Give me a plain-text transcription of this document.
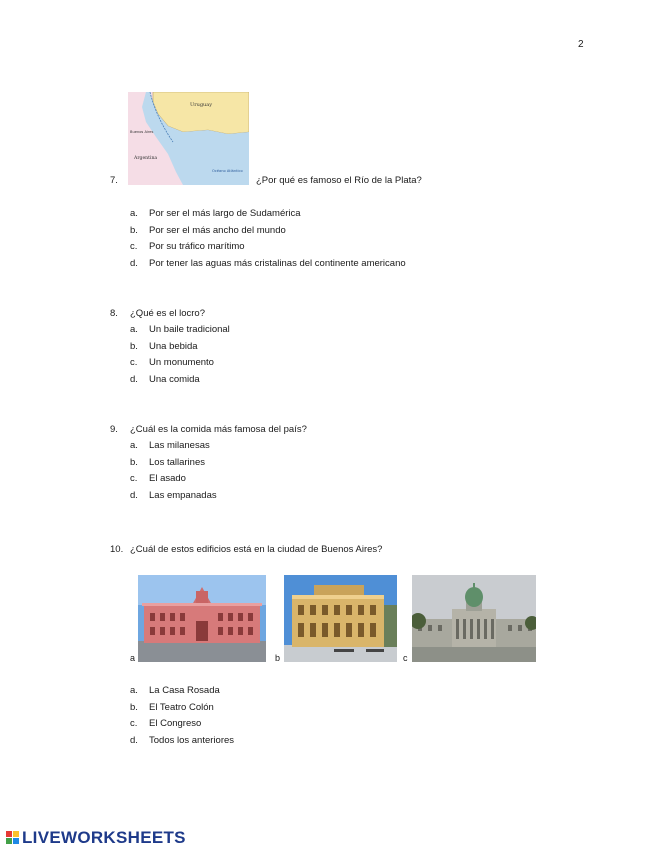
2
Uruguay
Buenos Aires
Argentina
Océano Atlántico
7.	¿Por qué es famoso el Río de la Plata?
a.	Por ser el más largo de Sudamérica
b.	Por ser el más ancho del mundo
c.	Por su tráfico marítimo
d.	Por tener las aguas más cristalinas del continente americano
8.	¿Qué es el locro?
a.	Un baile tradicional
b.	Una bebida
c.	Un monumento
d.	Una comida
9.	¿Cuál es la comida más famosa del país?
a.	Las milanesas
b.	Los tallarines
c.	El asado
d.	Las empanadas
10. ¿Cuál de estos edificios está en la ciudad de Buenos Aires?
a	b	c
a.	La Casa Rosada
b.	El Teatro Colón
c.	El Congreso
d.	Todos los anteriores
LIVEWORKSHEETS
